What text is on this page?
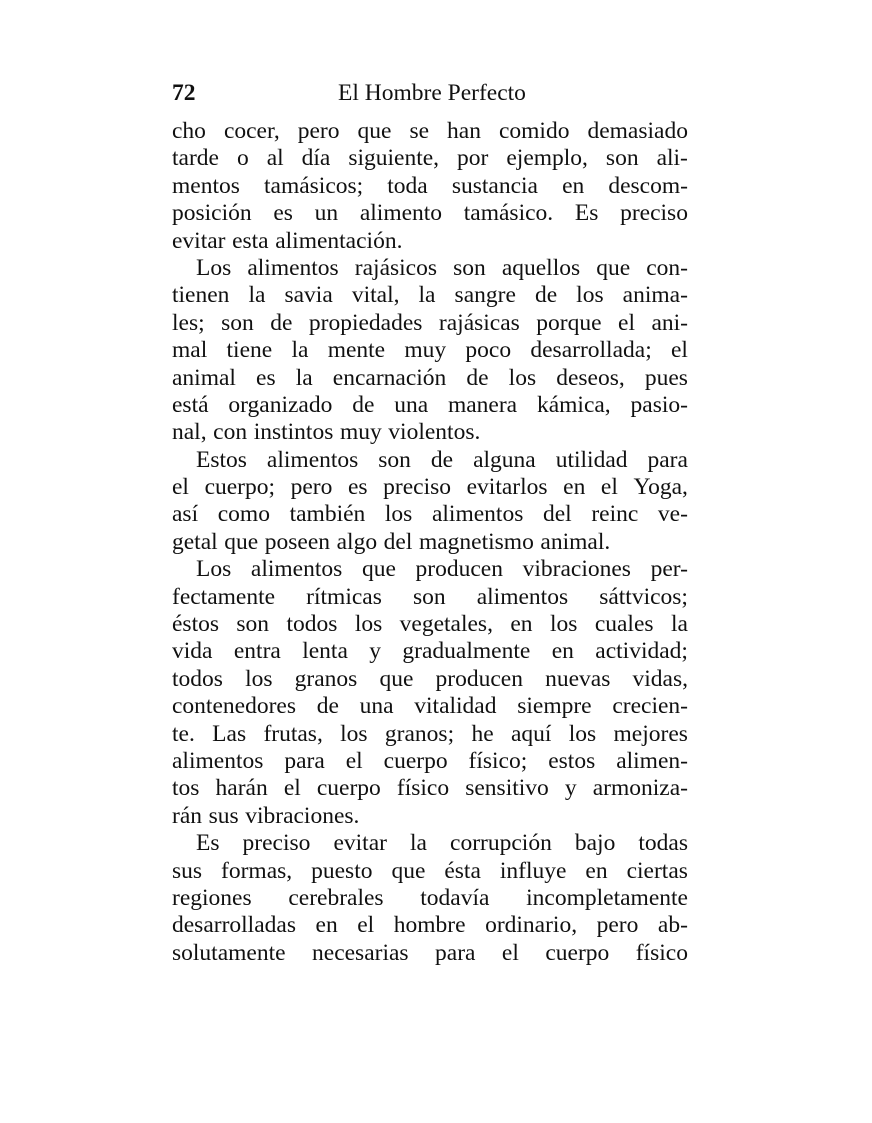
72	El Hombre Perfecto
cho cocer, pero que se han comido demasiado
tarde o al día siguiente, por ejemplo, son ali-
mentos tamásicos; toda sustancia en descom-
posición es un alimento tamásico. Es preciso
evitar esta alimentación.
Los alimentos rajásicos son aquellos que con-
tienen la savia vital, la sangre de los anima-
les; son de propiedades rajásicas porque el ani-
mal tiene la mente muy poco desarrollada; el
animal es la encarnación de los deseos, pues
está organizado de una manera kámica, pasio-
nal, con instintos muy violentos.
Estos alimentos son de alguna utilidad para
el cuerpo; pero es preciso evitarlos en el Yoga,
así como también los alimentos del reinc ve-
getal que poseen algo del magnetismo animal.
Los alimentos que producen vibraciones per-
fectamente rítmicas son alimentos sáttvicos;
éstos son todos los vegetales, en los cuales la
vida entra lenta y gradualmente en actividad;
todos los granos que producen nuevas vidas,
contenedores de una vitalidad siempre crecien-
te. Las frutas, los granos; he aquí los mejores
alimentos para el cuerpo físico; estos alimen-
tos harán el cuerpo físico sensitivo y armoniza-
rán sus vibraciones.
Es preciso evitar la corrupción bajo todas
sus formas, puesto que ésta influye en ciertas
regiones cerebrales todavía incompletamente
desarrolladas en el hombre ordinario, pero ab-
solutamente necesarias para el cuerpo físico
